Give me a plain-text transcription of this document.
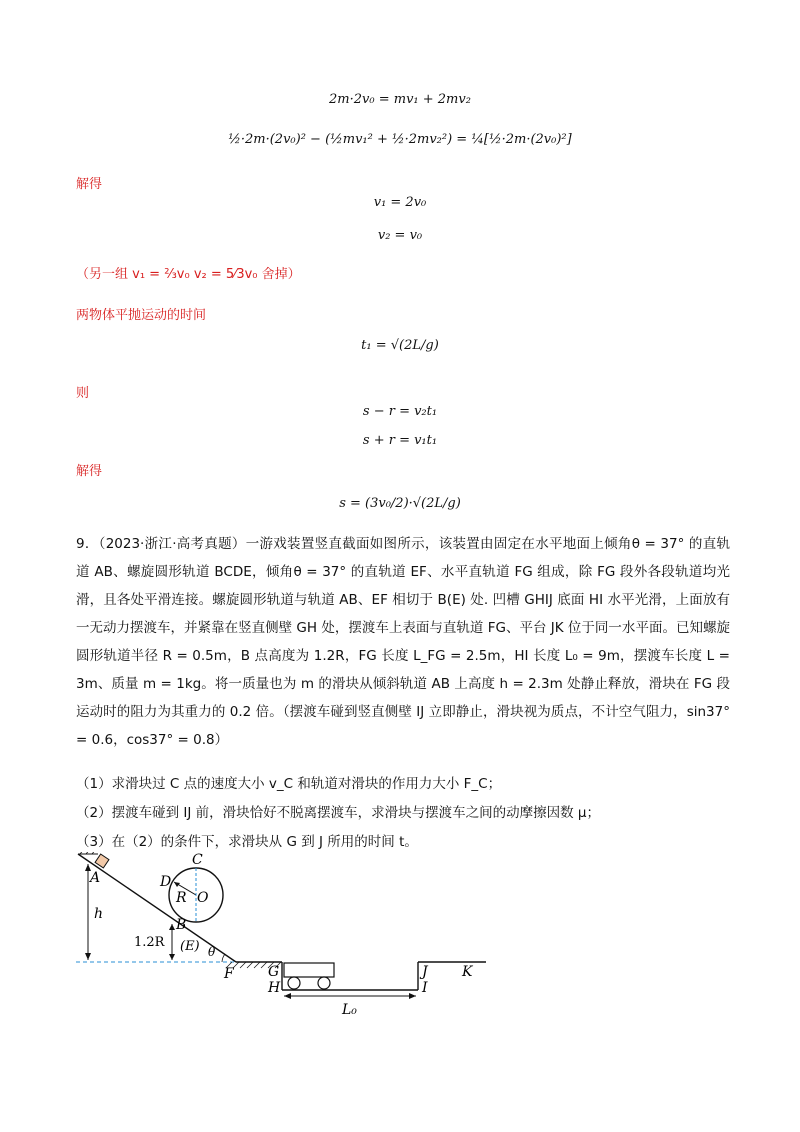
2m·2v₀ = mv₁ + 2mv₂
½·2m·(2v₀)² − (½mv₁² + ½·2mv₂²) = ¼[½·2m·(2v₀)²]
解得
v₁ = 2v₀
v₂ = v₀
（另一组 v₁ = ⅔v₀ v₂ = 5⁄3v₀ 舍掉）
两物体平抛运动的时间
t₁ = √(2L/g)
则
s − r = v₂t₁
s + r = v₁t₁
解得
s = (3v₀/2)·√(2L/g)
9．（2023·浙江·高考真题）一游戏装置竖直截面如图所示，该装置由固定在水平地面上倾角θ = 37° 的直轨道 AB、螺旋圆形轨道 BCDE，倾角θ = 37° 的直轨道 EF、水平直轨道 FG 组成，除 FG 段外各段轨道均光滑，且各处平滑连接。螺旋圆形轨道与轨道 AB、EF 相切于 B(E) 处. 凹槽 GHIJ 底面 HI 水平光滑，上面放有一无动力摆渡车，并紧靠在竖直侧壁 GH 处，摆渡车上表面与直轨道 FG、平台 JK 位于同一水平面。已知螺旋圆形轨道半径 R = 0.5m，B 点高度为 1.2R，FG 长度 L_FG = 2.5m，HI 长度 L₀ = 9m，摆渡车长度 L = 3m、质量 m = 1kg。将一质量也为 m 的滑块从倾斜轨道 AB 上高度 h = 2.3m 处静止释放，滑块在 FG 段运动时的阻力为其重力的 0.2 倍。（摆渡车碰到竖直侧壁 IJ 立即静止，滑块视为质点，不计空气阻力，sin37° = 0.6，cos37° = 0.8）
（1）求滑块过 C 点的速度大小 v_C 和轨道对滑块的作用力大小 F_C；
（2）摆渡车碰到 IJ 前，滑块恰好不脱离摆渡车，求滑块与摆渡车之间的动摩擦因数 μ；
（3）在（2）的条件下，求滑块从 G 到 J 所用的时间 t。
A
h
C
D
R O
B
1.2R (E) θ
F G
H
J
I
K
L₀
